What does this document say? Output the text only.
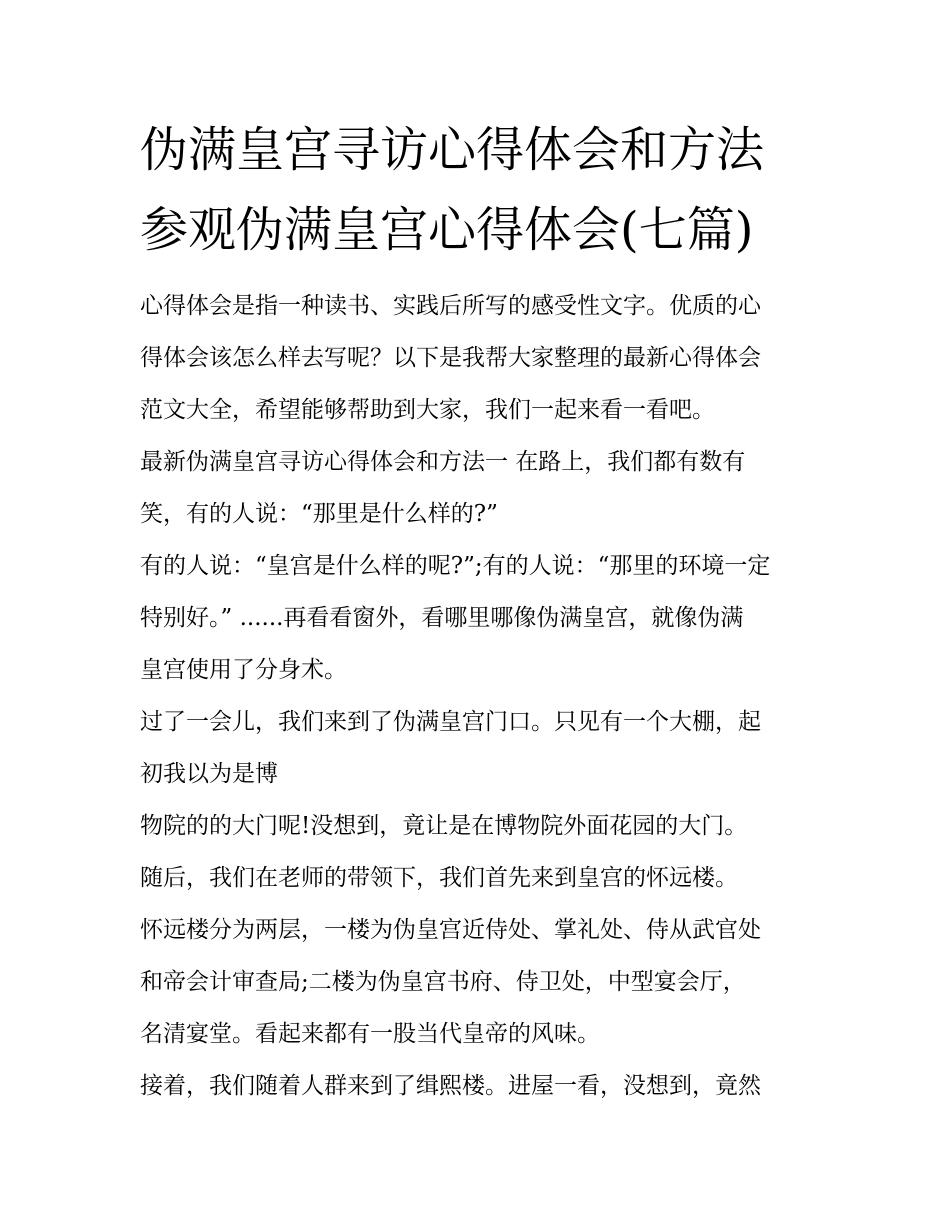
伪满皇宫寻访心得体会和方法
参观伪满皇宫心得体会(七篇)

心得体会是指一种读书、实践后所写的感受性文字。优质的心

得体会该怎么样去写呢？以下是我帮大家整理的最新心得体会

范文大全，希望能够帮助到大家，我们一起来看一看吧。

最新伪满皇宫寻访心得体会和方法一 在路上，我们都有数有

笑，有的人说：“那里是什么样的?”

有的人说：“皇宫是什么样的呢?”;有的人说：“那里的环境一定

特别好。” ......再看看窗外，看哪里哪像伪满皇宫，就像伪满

皇宫使用了分身术。

过了一会儿，我们来到了伪满皇宫门口。只见有一个大棚，起

初我以为是博

物院的的大门呢!没想到，竟让是在博物院外面花园的大门。

随后，我们在老师的带领下，我们首先来到皇宫的怀远楼。

怀远楼分为两层，一楼为伪皇宫近侍处、掌礼处、侍从武官处

和帝会计审查局;二楼为伪皇宫书府、侍卫处，中型宴会厅，

名清宴堂。看起来都有一股当代皇帝的风味。

接着，我们随着人群来到了缉熙楼。进屋一看，没想到，竟然
